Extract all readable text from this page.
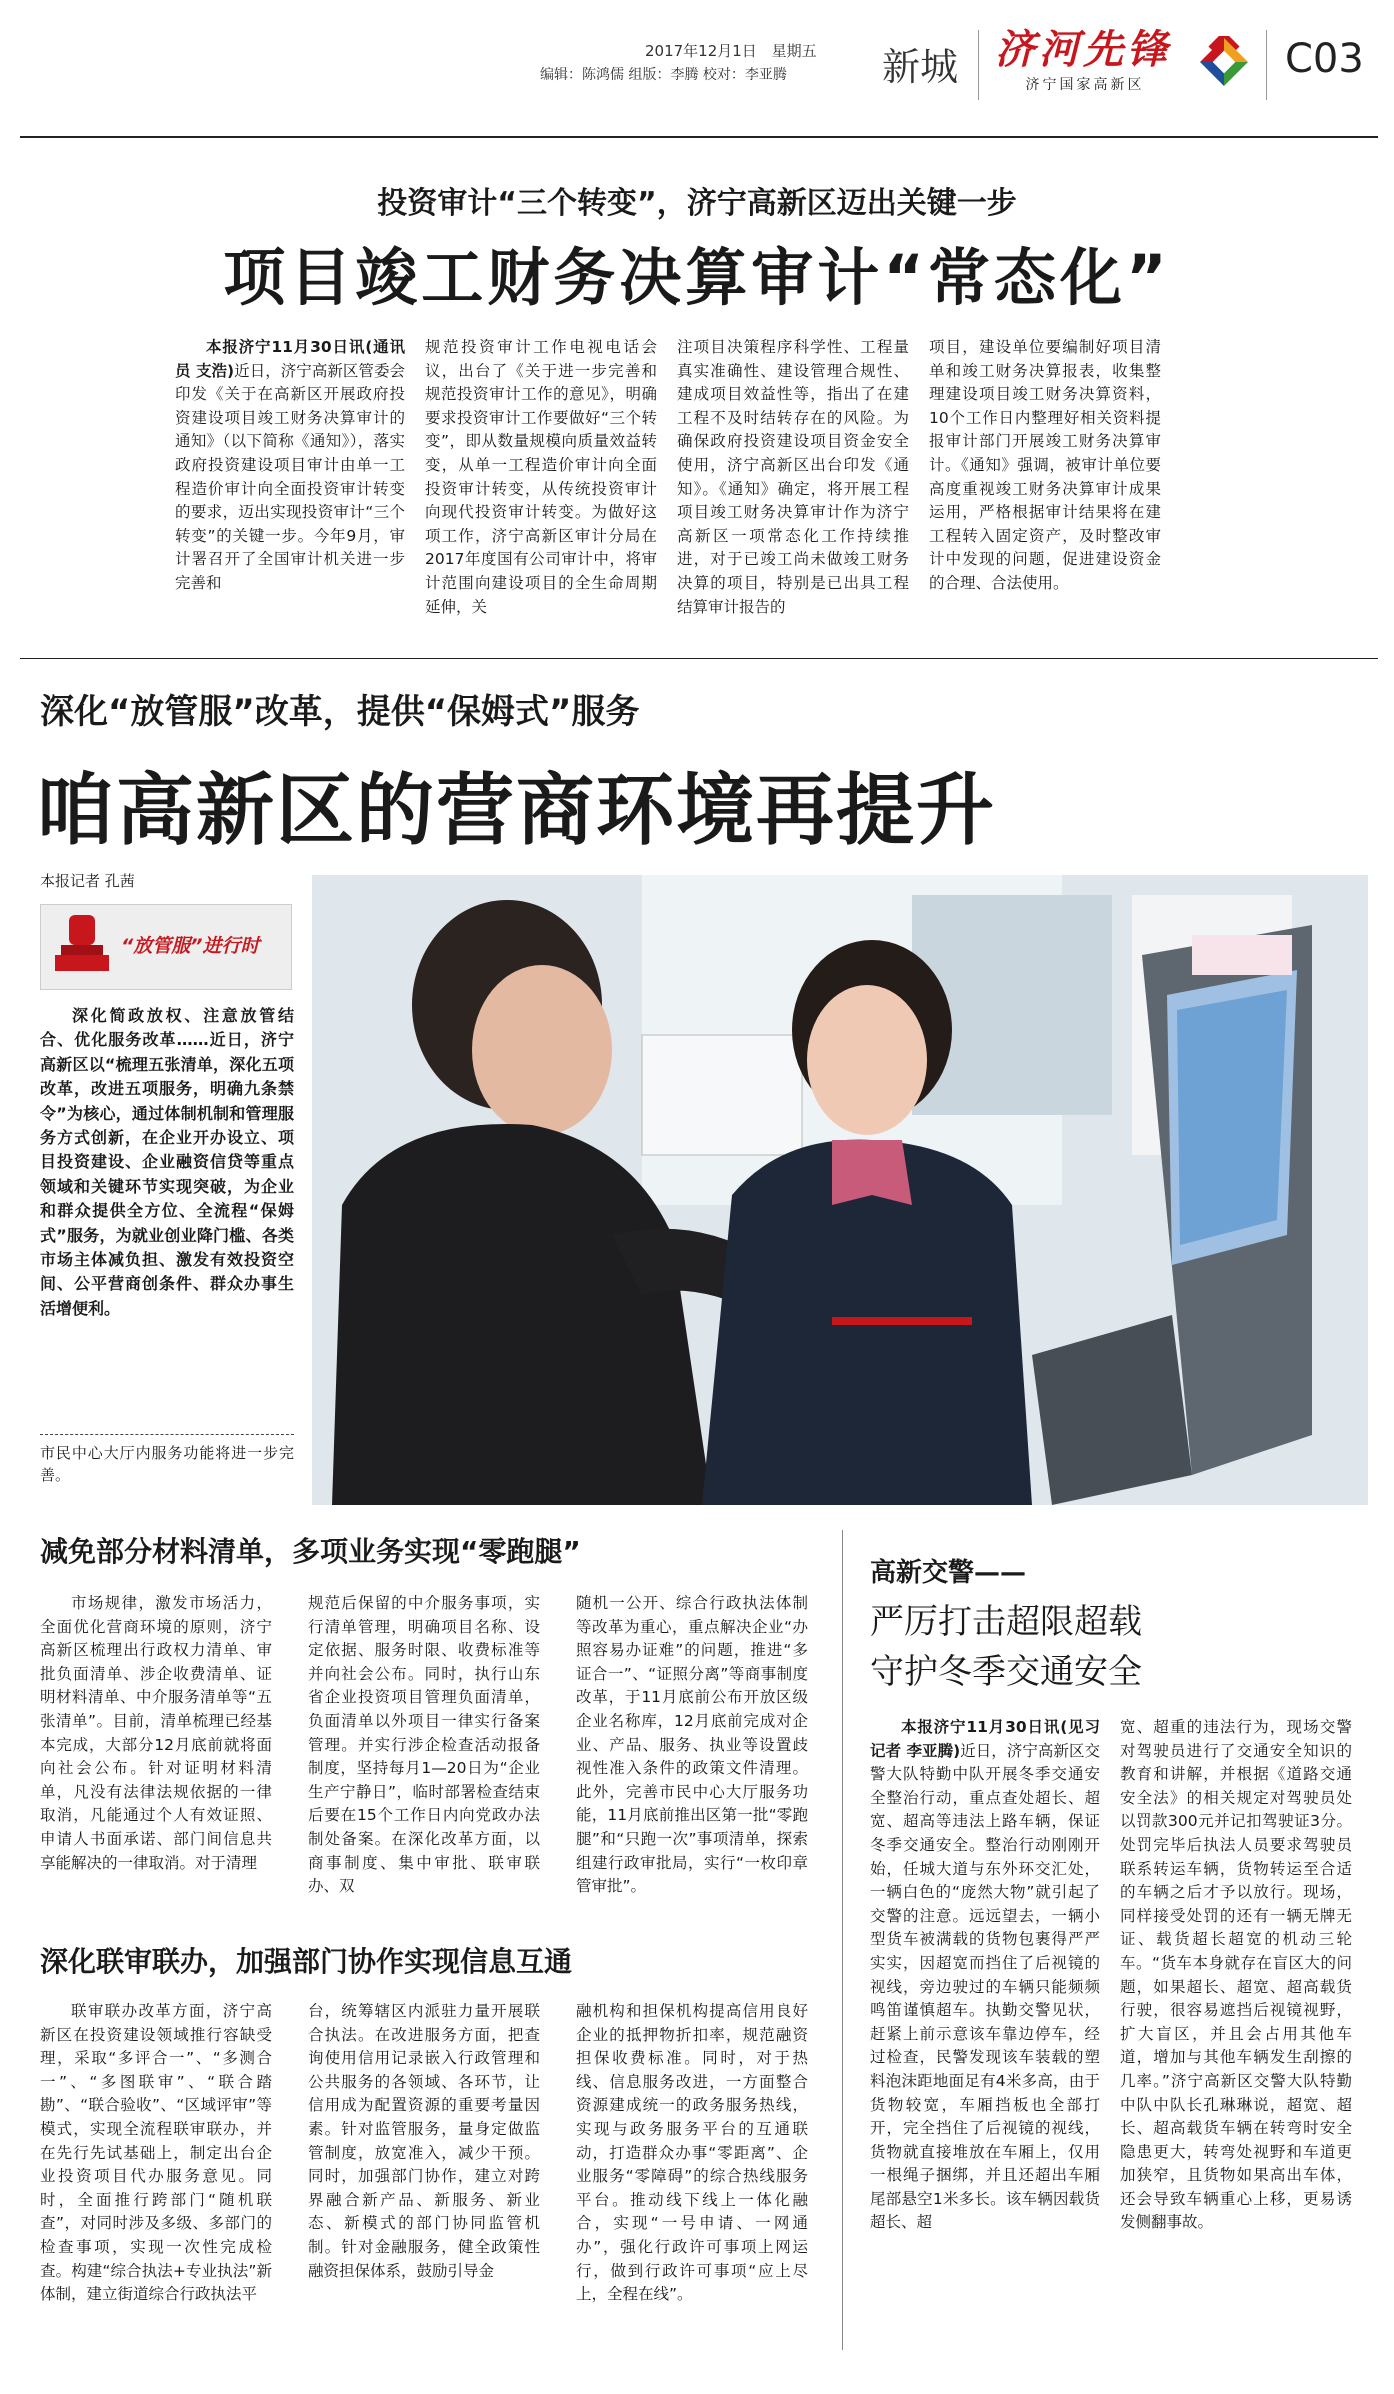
2017年12月1日 星期五
编辑：陈鸿儒 组版：李腾 校对：李亚腾	新城 济河先锋
济宁国家高新区
C03
投资审计“三个转变”，济宁高新区迈出关键一步
项目竣工财务决算审计“常态化”

本报济宁11月30日讯(通讯员 支浩)近日，济宁高新区管委会印发《关于在高新区开展政府投资建设项目竣工财务决算审计的通知》（以下简称《通知》），落实政府投资建设项目审计由单一工程造价审计向全面投资审计转变的要求，迈出实现投资审计“三个转变”的关键一步。今年9月，审计署召开了全国审计机关进一步完善和

规范投资审计工作电视电话会议，出台了《关于进一步完善和规范投资审计工作的意见》，明确要求投资审计工作要做好“三个转变”，即从数量规模向质量效益转变，从单一工程造价审计向全面投资审计转变，从传统投资审计向现代投资审计转变。为做好这项工作，济宁高新区审计分局在2017年度国有公司审计中，将审计范围向建设项目的全生命周期延伸，关

注项目决策程序科学性、工程量真实准确性、建设管理合规性、建成项目效益性等，指出了在建工程不及时结转存在的风险。为确保政府投资建设项目资金安全使用，济宁高新区出台印发《通知》。《通知》确定，将开展工程项目竣工财务决算审计作为济宁高新区一项常态化工作持续推进，对于已竣工尚未做竣工财务决算的项目，特别是已出具工程结算审计报告的

项目，建设单位要编制好项目清单和竣工财务决算报表，收集整理建设项目竣工财务决算资料，10个工作日内整理好相关资料提报审计部门开展竣工财务决算审计。《通知》强调，被审计单位要高度重视竣工财务决算审计成果运用，严格根据审计结果将在建工程转入固定资产，及时整改审计中发现的问题，促进建设资金的合理、合法使用。

深化“放管服”改革，提供“保姆式”服务
咱高新区的营商环境再提升
本报记者 孔茜
“放管服”进行时

深化简政放权、注意放管结合、优化服务改革……近日，济宁高新区以“梳理五张清单，深化五项改革，改进五项服务，明确九条禁令”为核心，通过体制机制和管理服务方式创新，在企业开办设立、项目投资建设、企业融资信贷等重点领域和关键环节实现突破，为企业和群众提供全方位、全流程“保姆式”服务，为就业创业降门槛、各类市场主体减负担、激发有效投资空间、公平营商创条件、群众办事生活增便利。

市民中心大厅内服务功能将进一步完善。
减免部分材料清单，多项业务实现“零跑腿”

市场规律，激发市场活力，全面优化营商环境的原则，济宁高新区梳理出行政权力清单、审批负面清单、涉企收费清单、证明材料清单、中介服务清单等“五张清单”。目前，清单梳理已经基本完成，大部分12月底前就将面向社会公布。针对证明材料清单，凡没有法律法规依据的一律取消，凡能通过个人有效证照、申请人书面承诺、部门间信息共享能解决的一律取消。对于清理

规范后保留的中介服务事项，实行清单管理，明确项目名称、设定依据、服务时限、收费标准等并向社会公布。同时，执行山东省企业投资项目管理负面清单，负面清单以外项目一律实行备案管理。并实行涉企检查活动报备制度，坚持每月1—20日为“企业生产宁静日”，临时部署检查结束后要在15个工作日内向党政办法制处备案。在深化改革方面，以商事制度、集中审批、联审联办、双

随机一公开、综合行政执法体制等改革为重心，重点解决企业“办照容易办证难”的问题，推进“多证合一”、“证照分离”等商事制度改革，于11月底前公布开放区级企业名称库，12月底前完成对企业、产品、服务、执业等设置歧视性准入条件的政策文件清理。此外，完善市民中心大厅服务功能，11月底前推出区第一批“零跑腿”和“只跑一次”事项清单，探索组建行政审批局，实行“一枚印章管审批”。

深化联审联办，加强部门协作实现信息互通

联审联办改革方面，济宁高新区在投资建设领域推行容缺受理，采取“多评合一”、“多测合一”、“多图联审”、“联合踏勘”、“联合验收”、“区域评审”等模式，实现全流程联审联办，并在先行先试基础上，制定出台企业投资项目代办服务意见。同时，全面推行跨部门“随机联查”，对同时涉及多级、多部门的检查事项，实现一次性完成检查。构建“综合执法+专业执法”新体制，建立街道综合行政执法平

台，统筹辖区内派驻力量开展联合执法。在改进服务方面，把查询使用信用记录嵌入行政管理和公共服务的各领域、各环节，让信用成为配置资源的重要考量因素。针对监管服务，量身定做监管制度，放宽准入，减少干预。同时，加强部门协作，建立对跨界融合新产品、新服务、新业态、新模式的部门协同监管机制。针对金融服务，健全政策性融资担保体系，鼓励引导金

融机构和担保机构提高信用良好企业的抵押物折扣率，规范融资担保收费标准。同时，对于热线、信息服务改进，一方面整合资源建成统一的政务服务热线，实现与政务服务平台的互通联动，打造群众办事“零距离”、企业服务“零障碍”的综合热线服务平台。推动线下线上一体化融合，实现“一号申请、一网通办”，强化行政许可事项上网运行，做到行政许可事项“应上尽上，全程在线”。

高新交警——
严厉打击超限超载
守护冬季交通安全

本报济宁11月30日讯(见习记者 李亚腾)近日，济宁高新区交警大队特勤中队开展冬季交通安全整治行动，重点查处超长、超宽、超高等违法上路车辆，保证冬季交通安全。整治行动刚刚开始，任城大道与东外环交汇处，一辆白色的“庞然大物”就引起了交警的注意。远远望去，一辆小型货车被满载的货物包裹得严严实实，因超宽而挡住了后视镜的视线，旁边驶过的车辆只能频频鸣笛谨慎超车。执勤交警见状，赶紧上前示意该车靠边停车，经过检查，民警发现该车装载的塑料泡沫距地面足有4米多高，由于货物较宽，车厢挡板也全部打开，完全挡住了后视镜的视线，货物就直接堆放在车厢上，仅用一根绳子捆绑，并且还超出车厢尾部悬空1米多长。该车辆因载货超长、超

宽、超重的违法行为，现场交警对驾驶员进行了交通安全知识的教育和讲解，并根据《道路交通安全法》的相关规定对驾驶员处以罚款300元并记扣驾驶证3分。处罚完毕后执法人员要求驾驶员联系转运车辆，货物转运至合适的车辆之后才予以放行。现场，同样接受处罚的还有一辆无牌无证、载货超长超宽的机动三轮车。“货车本身就存在盲区大的问题，如果超长、超宽、超高载货行驶，很容易遮挡后视镜视野，扩大盲区，并且会占用其他车道，增加与其他车辆发生刮擦的几率。”济宁高新区交警大队特勤中队中队长孔琳琳说，超宽、超长、超高载货车辆在转弯时安全隐患更大，转弯处视野和车道更加狭窄，且货物如果高出车体，还会导致车辆重心上移，更易诱发侧翻事故。
